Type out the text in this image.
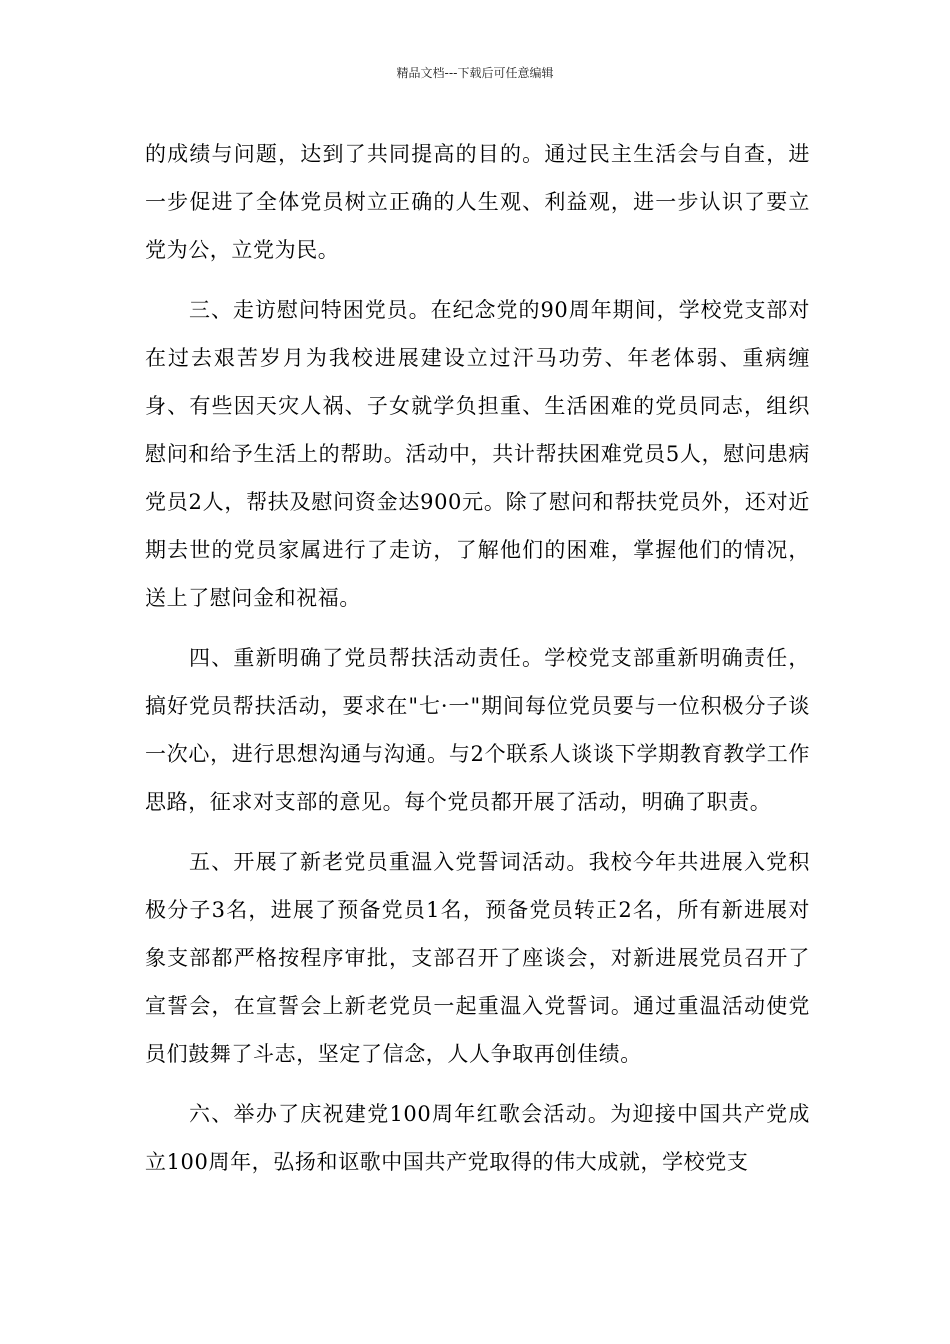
精品文档---下载后可任意编辑

的成绩与问题，达到了共同提高的目的。通过民主生活会与自查，进一步促进了全体党员树立正确的人生观、利益观，进一步认识了要立党为公，立党为民。

三、走访慰问特困党员。在纪念党的90周年期间，学校党支部对在过去艰苦岁月为我校进展建设立过汗马功劳、年老体弱、重病缠身、有些因天灾人祸、子女就学负担重、生活困难的党员同志，组织慰问和给予生活上的帮助。活动中，共计帮扶困难党员5人，慰问患病党员2人，帮扶及慰问资金达900元。除了慰问和帮扶党员外，还对近期去世的党员家属进行了走访，了解他们的困难，掌握他们的情况，送上了慰问金和祝福。

四、重新明确了党员帮扶活动责任。学校党支部重新明确责任，搞好党员帮扶活动，要求在"七·一"期间每位党员要与一位积极分子谈一次心，进行思想沟通与沟通。与2个联系人谈谈下学期教育教学工作思路，征求对支部的意见。每个党员都开展了活动，明确了职责。

五、开展了新老党员重温入党誓词活动。我校今年共进展入党积极分子3名，进展了预备党员1名，预备党员转正2名，所有新进展对象支部都严格按程序审批，支部召开了座谈会，对新进展党员召开了宣誓会，在宣誓会上新老党员一起重温入党誓词。通过重温活动使党员们鼓舞了斗志，坚定了信念，人人争取再创佳绩。

六、举办了庆祝建党100周年红歌会活动。为迎接中国共产党成立100周年，弘扬和讴歌中国共产党取得的伟大成就，学校党支
